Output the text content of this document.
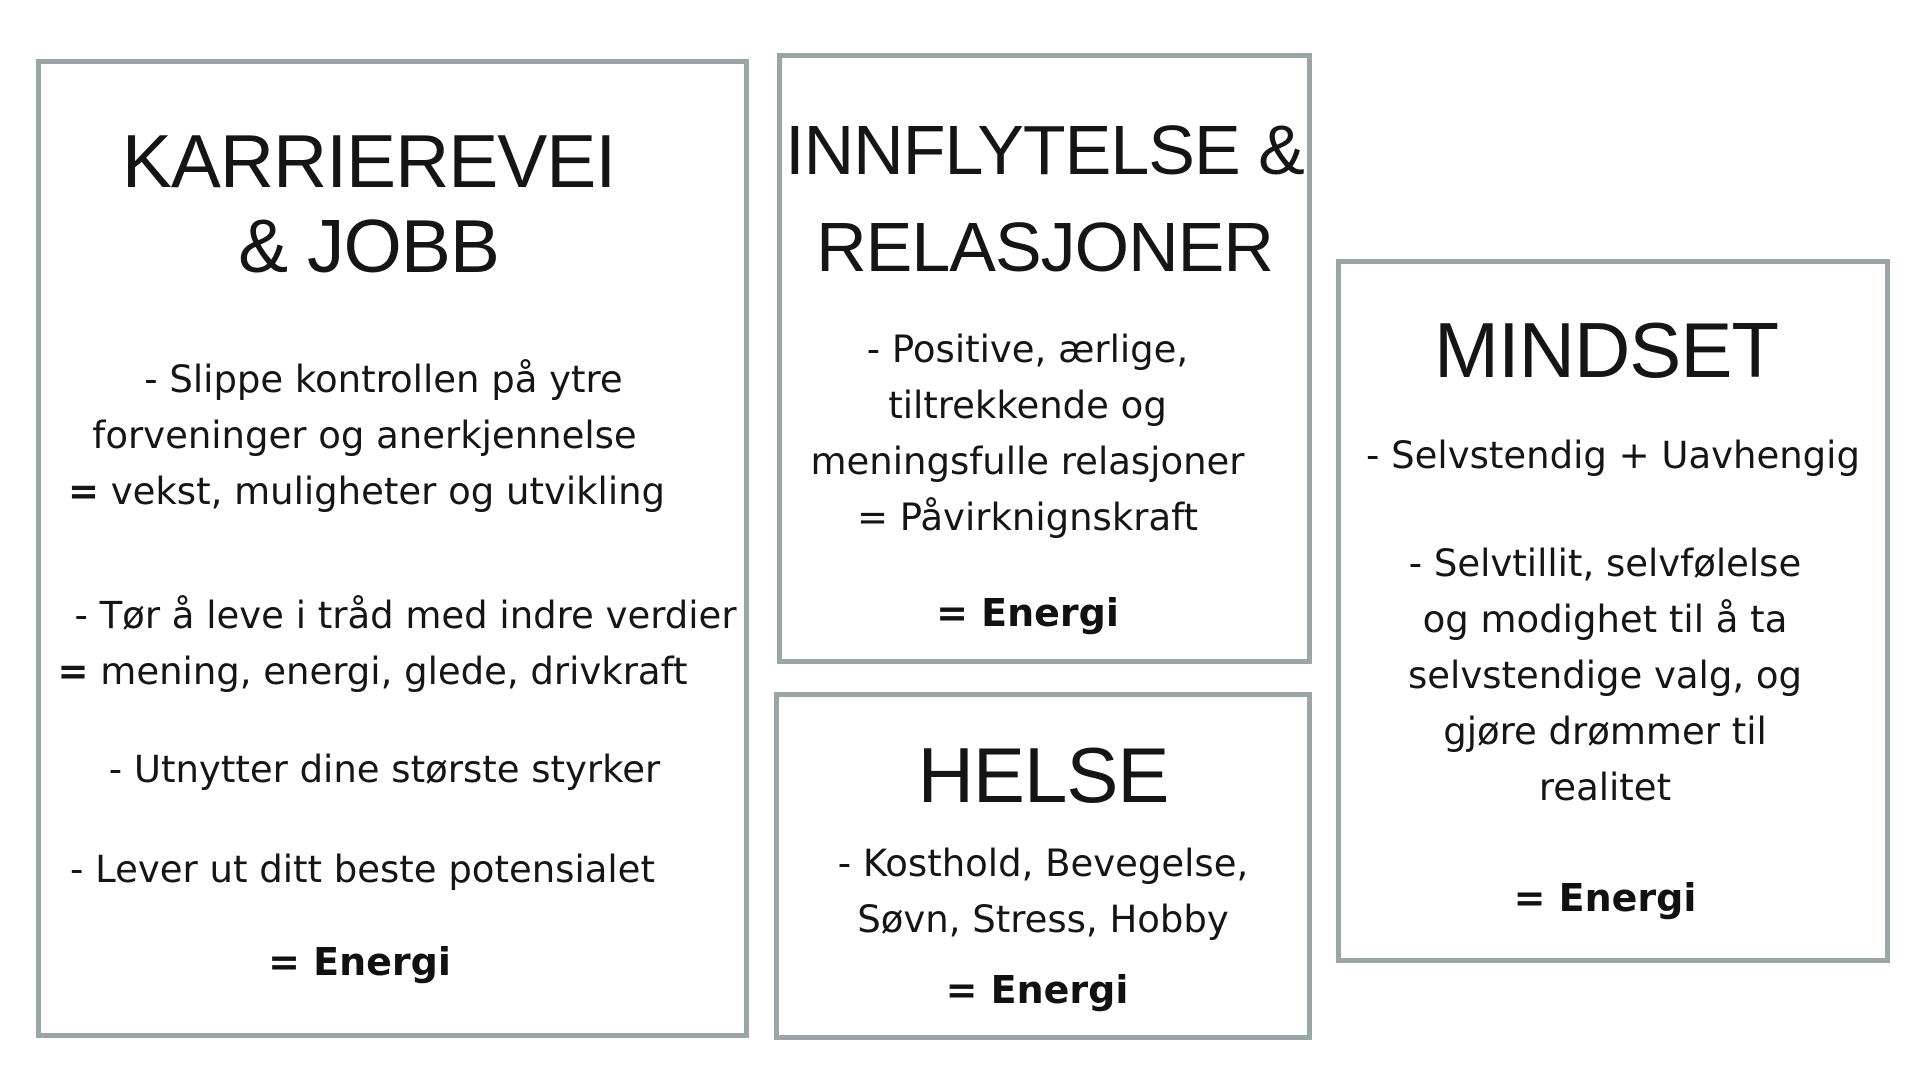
KARRIEREVEI
& JOBB
- Slippe kontrollen på ytre
forveninger og anerkjennelse
= vekst, muligheter og utvikling
- Tør å leve i tråd med indre verdier
= mening, energi, glede, drivkraft
- Utnytter dine største styrker
- Lever ut ditt beste potensialet
= Energi
INNFLYTELSE &
RELASJONER
- Positive, ærlige,
tiltrekkende og
meningsfulle relasjoner
= Påvirknignskraft
= Energi
HELSE
- Kosthold, Bevegelse,
Søvn, Stress, Hobby
= Energi
MINDSET
- Selvstendig + Uavhengig
- Selvtillit, selvfølelse
og modighet til å ta
selvstendige valg, og
gjøre drømmer til
realitet
= Energi
